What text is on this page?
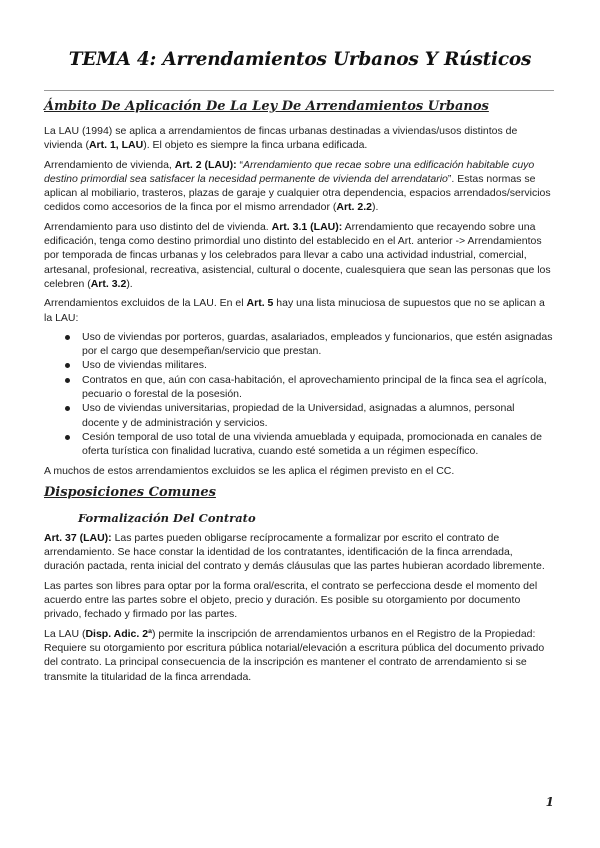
TEMA 4: Arrendamientos Urbanos Y Rústicos
Ámbito De Aplicación De La Ley De Arrendamientos Urbanos

La LAU (1994) se aplica a arrendamientos de fincas urbanas destinadas a viviendas/usos distintos de vivienda (Art. 1, LAU). El objeto es siempre la finca urbana edificada.

Arrendamiento de vivienda, Art. 2 (LAU): “Arrendamiento que recae sobre una edificación habitable cuyo destino primordial sea satisfacer la necesidad permanente de vivienda del arrendatario”. Estas normas se aplican al mobiliario, trasteros, plazas de garaje y cualquier otra dependencia, espacios arrendados/servicios cedidos como accesorios de la finca por el mismo arrendador (Art. 2.2).

Arrendamiento para uso distinto del de vivienda. Art. 3.1 (LAU): Arrendamiento que recayendo sobre una edificación, tenga como destino primordial uno distinto del establecido en el Art. anterior -> Arrendamientos por temporada de fincas urbanas y los celebrados para llevar a cabo una actividad industrial, comercial, artesanal, profesional, recreativa, asistencial, cultural o docente, cualesquiera que sean las personas que los celebren (Art. 3.2).

Arrendamientos excluidos de la LAU. En el Art. 5 hay una lista minuciosa de supuestos que no se aplican a la LAU:

Uso de viviendas por porteros, guardas, asalariados, empleados y funcionarios, que estén asignadas por el cargo que desempeñan/servicio que prestan.
Uso de viviendas militares.
Contratos en que, aún con casa-habitación, el aprovechamiento principal de la finca sea el agrícola, pecuario o forestal de la posesión.
Uso de viviendas universitarias, propiedad de la Universidad, asignadas a alumnos, personal docente y de administración y servicios.
Cesión temporal de uso total de una vivienda amueblada y equipada, promocionada en canales de oferta turística con finalidad lucrativa, cuando esté sometida a un régimen específico.

A muchos de estos arrendamientos excluidos se les aplica el régimen previsto en el CC.

Disposiciones Comunes
Formalización Del Contrato

Art. 37 (LAU): Las partes pueden obligarse recíprocamente a formalizar por escrito el contrato de arrendamiento. Se hace constar la identidad de los contratantes, identificación de la finca arrendada, duración pactada, renta inicial del contrato y demás cláusulas que las partes hubieran acordado libremente.

Las partes son libres para optar por la forma oral/escrita, el contrato se perfecciona desde el momento del acuerdo entre las partes sobre el objeto, precio y duración. Es posible su otorgamiento por documento privado, fechado y firmado por las partes.

La LAU (Disp. Adic. 2ª) permite la inscripción de arrendamientos urbanos en el Registro de la Propiedad: Requiere su otorgamiento por escritura pública notarial/elevación a escritura pública del documento privado del contrato. La principal consecuencia de la inscripción es mantener el contrato de arrendamiento si se transmite la titularidad de la finca arrendada.

1
